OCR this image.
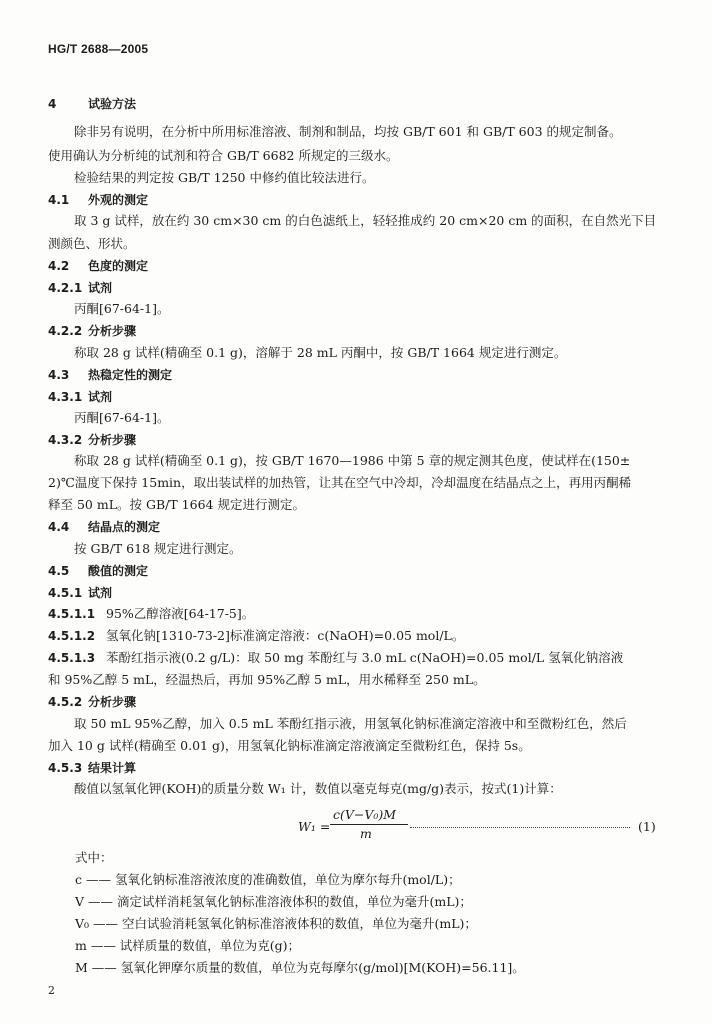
HG/T 2688—2005
4	试验方法
除非另有说明，在分析中所用标准溶液、制剂和制品，均按 GB/T 601 和 GB/T 603 的规定制备。
使用确认为分析纯的试剂和符合 GB/T 6682 所规定的三级水。
检验结果的判定按 GB/T 1250 中修约值比较法进行。
4.1 外观的测定
取 3 g 试样，放在约 30 cm×30 cm 的白色滤纸上，轻轻推成约 20 cm×20 cm 的面积，在自然光下目
测颜色、形状。
4.2 色度的测定
4.2.1 试剂
丙酮[67-64-1]。
4.2.2 分析步骤
称取 28 g 试样(精确至 0.1 g)，溶解于 28 mL 丙酮中，按 GB/T 1664 规定进行测定。
4.3 热稳定性的测定
4.3.1 试剂
丙酮[67-64-1]。
4.3.2 分析步骤
称取 28 g 试样(精确至 0.1 g)，按 GB/T 1670—1986 中第 5 章的规定测其色度，使试样在(150±
2)℃温度下保持 15min，取出装试样的加热管，让其在空气中冷却，冷却温度在结晶点之上，再用丙酮稀
释至 50 mL。按 GB/T 1664 规定进行测定。
4.4 结晶点的测定
按 GB/T 618 规定进行测定。
4.5 酸值的测定
4.5.1 试剂
4.5.1.1 95%乙醇溶液[64-17-5]。
4.5.1.2 氢氧化钠[1310-73-2]标准滴定溶液：c(NaOH)=0.05 mol/L。
4.5.1.3 苯酚红指示液(0.2 g/L)：取 50 mg 苯酚红与 3.0 mL c(NaOH)=0.05 mol/L 氢氧化钠溶液
和 95%乙醇 5 mL，经温热后，再加 95%乙醇 5 mL，用水稀释至 250 mL。
4.5.2 分析步骤
取 50 mL 95%乙醇，加入 0.5 mL 苯酚红指示液，用氢氧化钠标准滴定溶液中和至微粉红色，然后
加入 10 g 试样(精确至 0.01 g)，用氢氧化钠标准滴定溶液滴定至微粉红色，保持 5s。
4.5.3 结果计算
酸值以氢氧化钾(KOH)的质量分数 W₁ 计，数值以毫克每克(mg/g)表示，按式(1)计算：
W₁ =
c(V−V₀)M
m	(1)
式中：
c —— 氢氧化钠标准溶液浓度的准确数值，单位为摩尔每升(mol/L)；
V —— 滴定试样消耗氢氧化钠标准溶液体积的数值，单位为毫升(mL)；
V₀ —— 空白试验消耗氢氧化钠标准溶液体积的数值，单位为毫升(mL)；
m —— 试样质量的数值，单位为克(g)；
M —— 氢氧化钾摩尔质量的数值，单位为克每摩尔(g/mol)[M(KOH)=56.11]。
2
